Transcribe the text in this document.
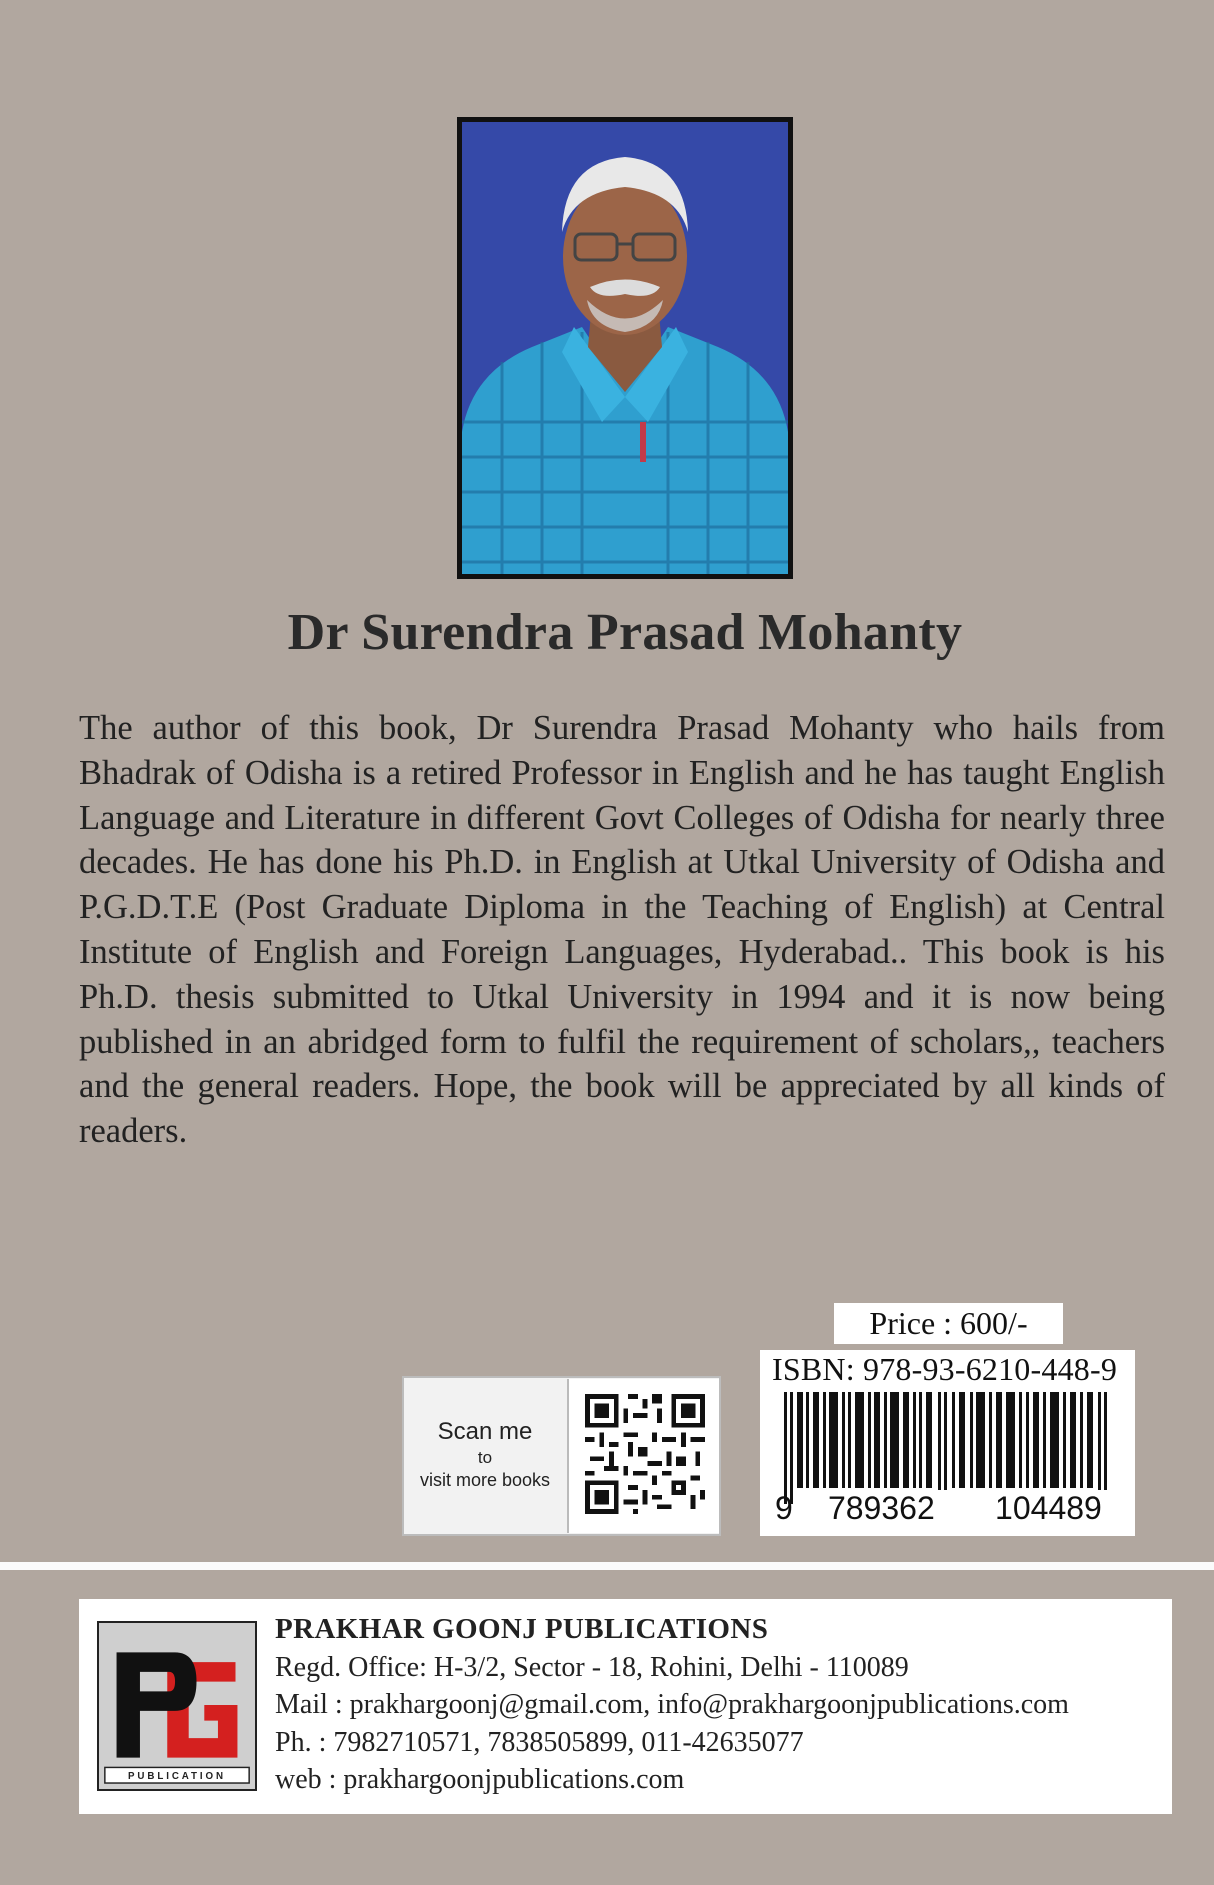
Dr Surendra Prasad Mohanty
The author of this book, Dr Surendra Prasad Mohanty who hails from Bhadrak of Odisha is a retired Professor in English and he has taught English Language and Literature in different Govt Colleges of Odisha for nearly three decades. He has done his Ph.D. in English at Utkal University of Odisha and P.G.D.T.E (Post Graduate Diploma in the Teaching of English) at Central Institute of English and Foreign Languages, Hyderabad.. This book is his Ph.D. thesis submitted to Utkal University in 1994 and it is now being published in an abridged form to fulfil the requirement of scholars,, teachers and the general readers. Hope, the book will be appreciated by all kinds of readers.
Price : 600/-
ISBN: 978-93-6210-448-9
9	789362	104489
Scan me
to
visit more books
PUBLICATION
PRAKHAR GOONJ PUBLICATIONS
Regd. Office: H-3/2, Sector - 18, Rohini, Delhi - 110089
Mail : prakhargoonj@gmail.com, info@prakhargoonjpublications.com
Ph. : 7982710571, 7838505899, 011-42635077
web : prakhargoonjpublications.com
